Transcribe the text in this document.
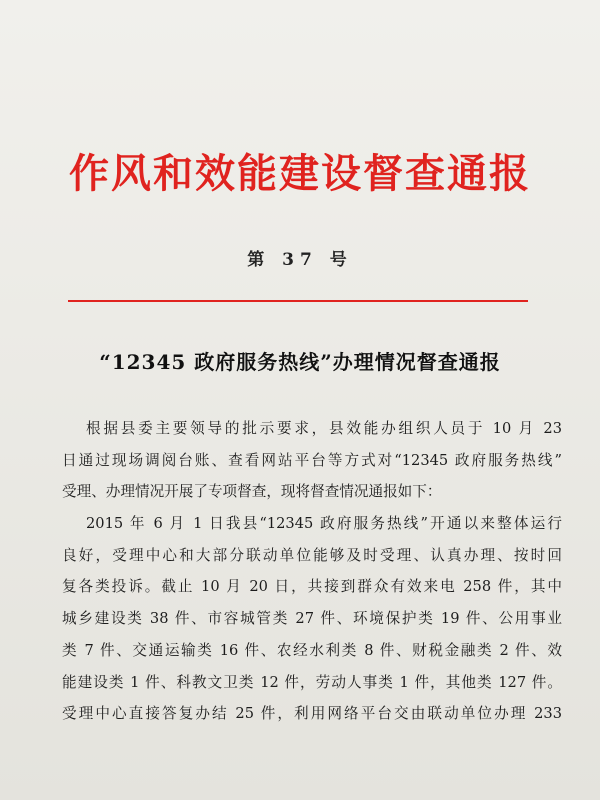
作风和效能建设督查通报
第 37 号
“12345 政府服务热线”办理情况督查通报
根据县委主要领导的批示要求，县效能办组织人员于 10 月 23
日通过现场调阅台账、查看网站平台等方式对“12345 政府服务热线”
受理、办理情况开展了专项督查，现将督查情况通报如下：
2015 年 6 月 1 日我县“12345 政府服务热线”开通以来整体运行
良好，受理中心和大部分联动单位能够及时受理、认真办理、按时回
复各类投诉。截止 10 月 20 日，共接到群众有效来电 258 件，其中
城乡建设类 38 件、市容城管类 27 件、环境保护类 19 件、公用事业
类 7 件、交通运输类 16 件、农经水利类 8 件、财税金融类 2 件、效
能建设类 1 件、科教文卫类 12 件，劳动人事类 1 件，其他类 127 件。
受理中心直接答复办结 25 件，利用网络平台交由联动单位办理 233
